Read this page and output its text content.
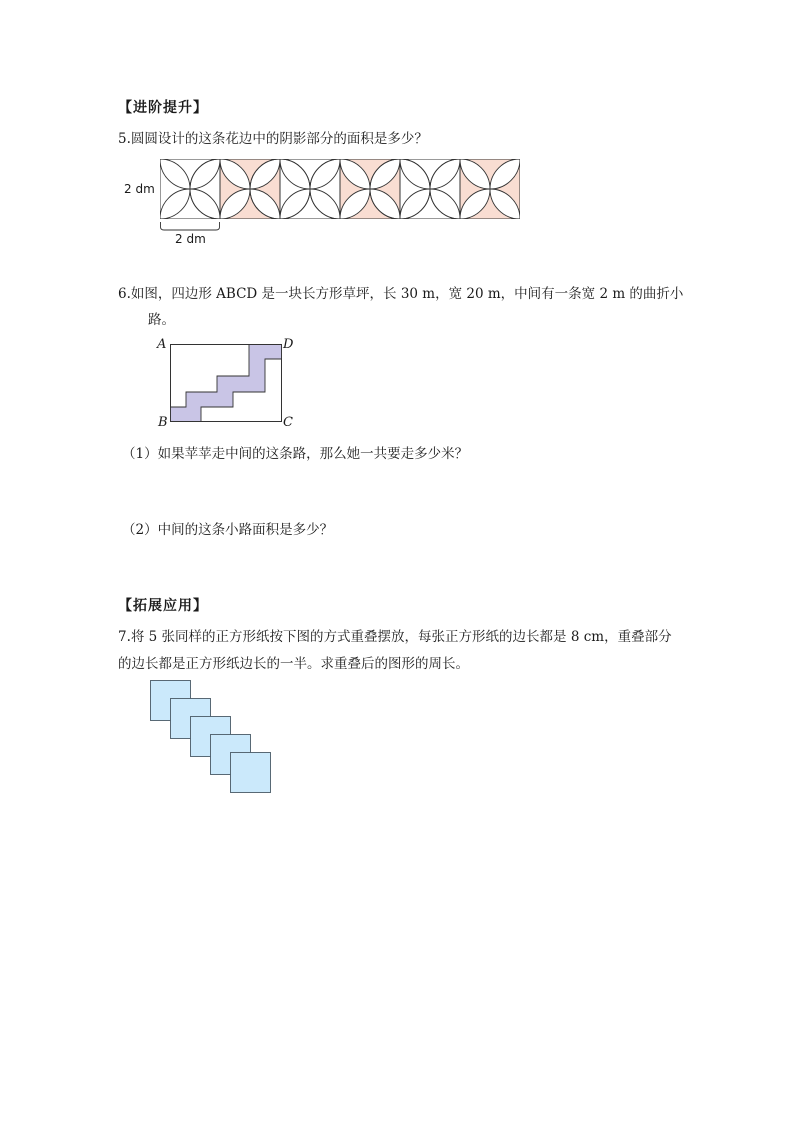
【进阶提升】
5.圆圆设计的这条花边中的阴影部分的面积是多少？
2 dm
2 dm
6.如图，四边形 ABCD 是一块长方形草坪，长 30 m，宽 20 m，中间有一条宽 2 m 的曲折小
路。
A	D
B	C
（1）如果苹苹走中间的这条路，那么她一共要走多少米？
（2）中间的这条小路面积是多少？
【拓展应用】
7.将 5 张同样的正方形纸按下图的方式重叠摆放，每张正方形纸的边长都是 8 cm，重叠部分
的边长都是正方形纸边长的一半。求重叠后的图形的周长。
